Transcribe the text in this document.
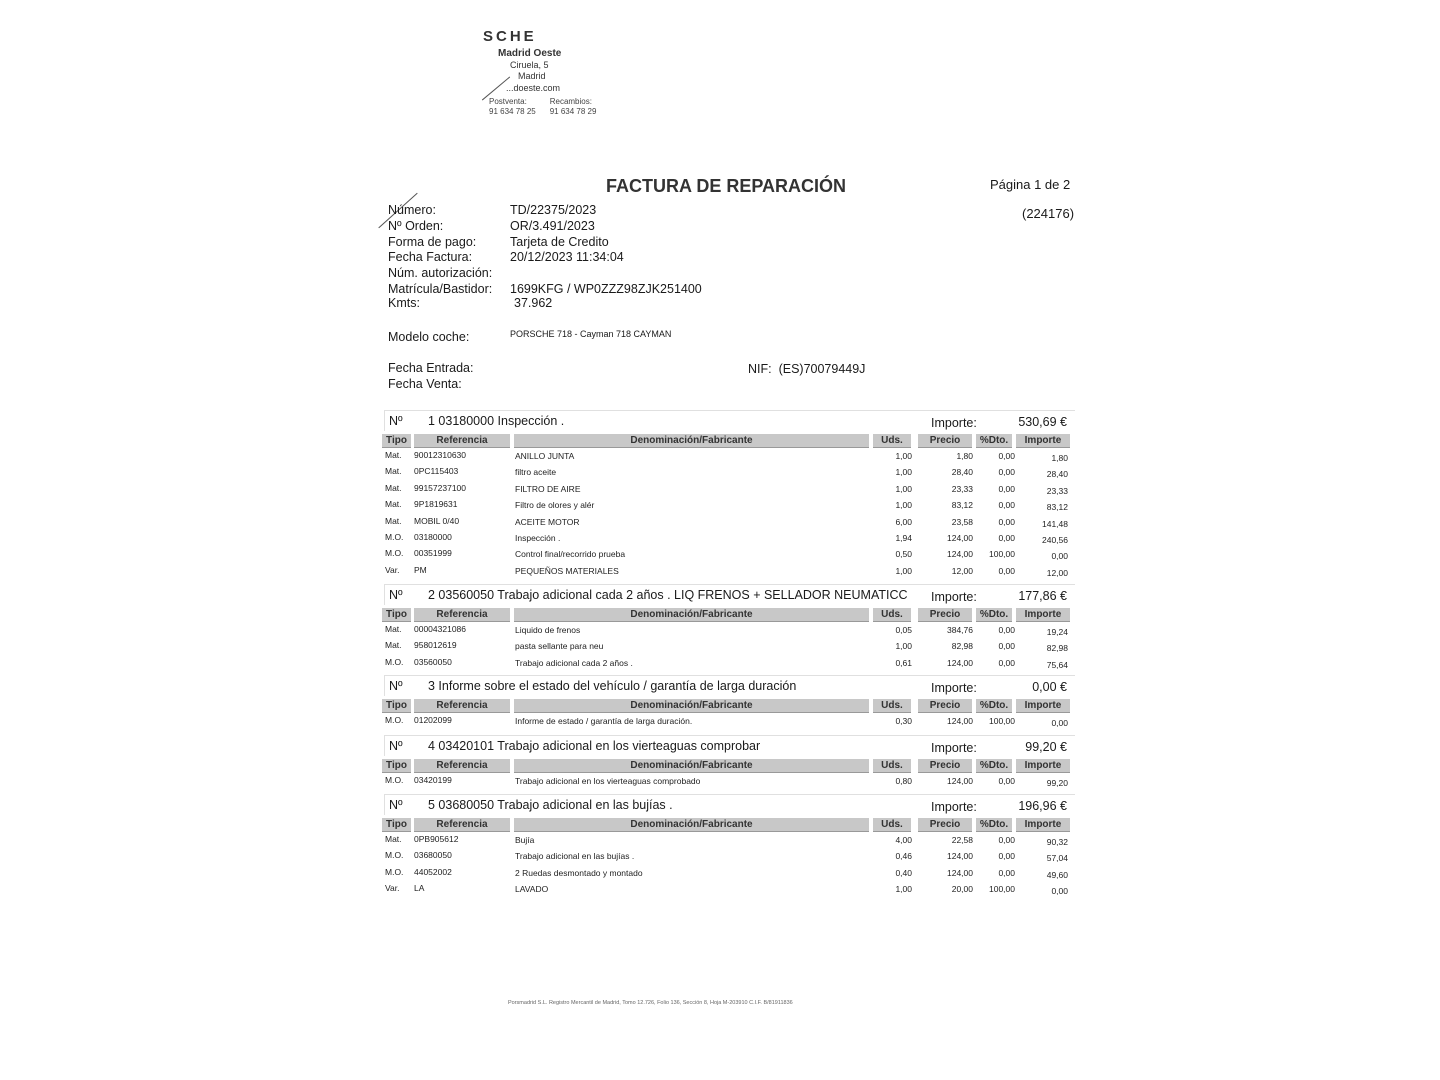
SCHE
Madrid Oeste
Ciruela, 5
Madrid
...doeste.com
Postventa:
91 634 78 25
Recambios:
91 634 78 29
FACTURA DE REPARACIÓN	Página 1 de 2
(224176)
Número:	TD/22375/2023
Nº Orden:	OR/3.491/2023
Forma de pago:	Tarjeta de Credito
Fecha Factura:	20/12/2023 11:34:04
Núm. autorización:
Matrícula/Bastidor: 1699KFG / WP0ZZZ98ZJK251400
Kmts:	37.962
Modelo coche:	PORSCHE 718 - Cayman 718 CAYMAN
Fecha Entrada:
Fecha Venta:
NIF: (ES)70079449J
Nº 1 03180000 Inspección .	Importe:	530,69 €
Tipo	Referencia	Denominación/Fabricante	Uds.	Precio	%Dto.	Importe
Mat. 90012310630	ANILLO JUNTA	1,00	1,80	0,00	1,80
Mat. 0PC115403	filtro aceite	1,00	28,40	0,00	28,40
Mat. 99157237100	FILTRO DE AIRE	1,00	23,33	0,00	23,33
Mat. 9P1819631	Filtro de olores y alér	1,00	83,12	0,00	83,12
Mat. MOBIL 0/40	ACEITE MOTOR	6,00	23,58	0,00	141,48
M.O. 03180000	Inspección .	1,94	124,00	0,00	240,56
M.O. 00351999	Control final/recorrido prueba	0,50	124,00	100,00	0,00
Var. PM	PEQUEÑOS MATERIALES	1,00	12,00	0,00	12,00
Nº 2 03560050 Trabajo adicional cada 2 años . LIQ FRENOS + SELLADOR NEUMATICC Importe:	177,86 €
Tipo	Referencia	Denominación/Fabricante	Uds.	Precio	%Dto.	Importe
Mat. 00004321086	Liquido de frenos	0,05	384,76	0,00	19,24
Mat. 958012619	pasta sellante para neu	1,00	82,98	0,00	82,98
M.O. 03560050	Trabajo adicional cada 2 años .	0,61	124,00	0,00	75,64
Nº 3 Informe sobre el estado del vehículo / garantía de larga duración	Importe:	0,00 €
Tipo	Referencia	Denominación/Fabricante	Uds.	Precio	%Dto.	Importe
M.O. 01202099	Informe de estado / garantía de larga duración.	0,30	124,00	100,00	0,00
Nº 4 03420101 Trabajo adicional en los vierteaguas comprobar	Importe:	99,20 €
Tipo	Referencia	Denominación/Fabricante	Uds.	Precio	%Dto.	Importe
M.O. 03420199	Trabajo adicional en los vierteaguas comprobado	0,80	124,00	0,00	99,20
Nº 5 03680050 Trabajo adicional en las bujías .	Importe:	196,96 €
Tipo	Referencia	Denominación/Fabricante	Uds.	Precio	%Dto.	Importe
Mat. 0PB905612	Bujía	4,00	22,58	0,00	90,32
M.O. 03680050	Trabajo adicional en las bujías .	0,46	124,00	0,00	57,04
M.O. 44052002	2 Ruedas desmontado y montado	0,40	124,00	0,00	49,60
Var. LA	LAVADO	1,00	20,00	100,00	0,00
Porsmadrid S.L. Registro Mercantil de Madrid, Tomo 12.726, Folio 136, Sección 8, Hoja M-203910 C.I.F. B/81911836
